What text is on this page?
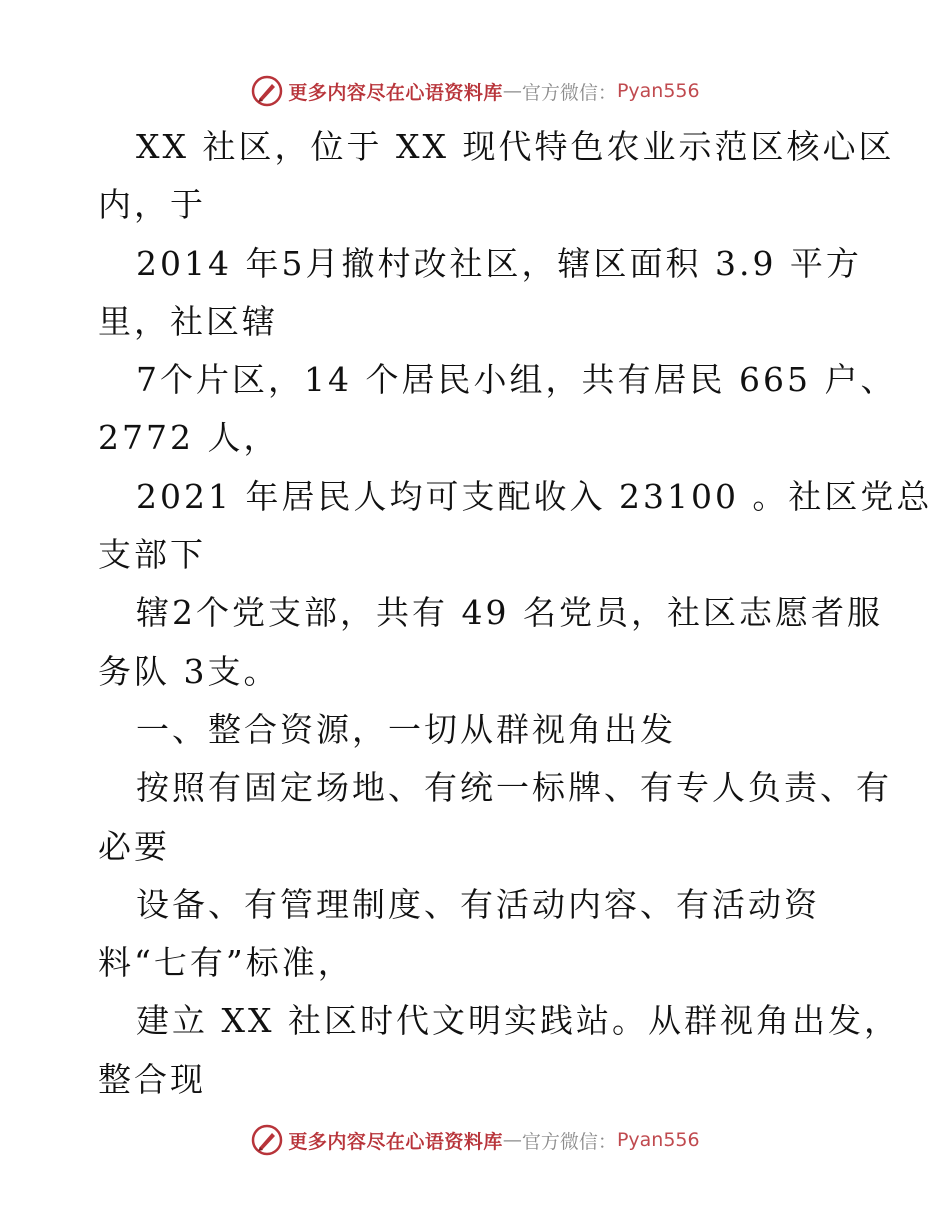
更多内容尽在心语资料库 — 官方微信： Pyan556
XX 社区，位于 XX 现代特色农业示范区核心区
内，于
2014 年5月撤村改社区，辖区面积 3.9 平方
里，社区辖
7个片区，14 个居民小组，共有居民 665 户、
2772 人，
2021 年居民人均可支配收入 23100 。社区党总
支部下
辖2个党支部，共有 49 名党员，社区志愿者服
务队 3支。
一、整合资源，一切从群视角出发
按照有固定场地、有统一标牌、有专人负责、有
必要
设备、有管理制度、有活动内容、有活动资
料“七有”标准，
建立 XX 社区时代文明实践站。从群视角出发，
整合现
更多内容尽在心语资料库 — 官方微信： Pyan556
